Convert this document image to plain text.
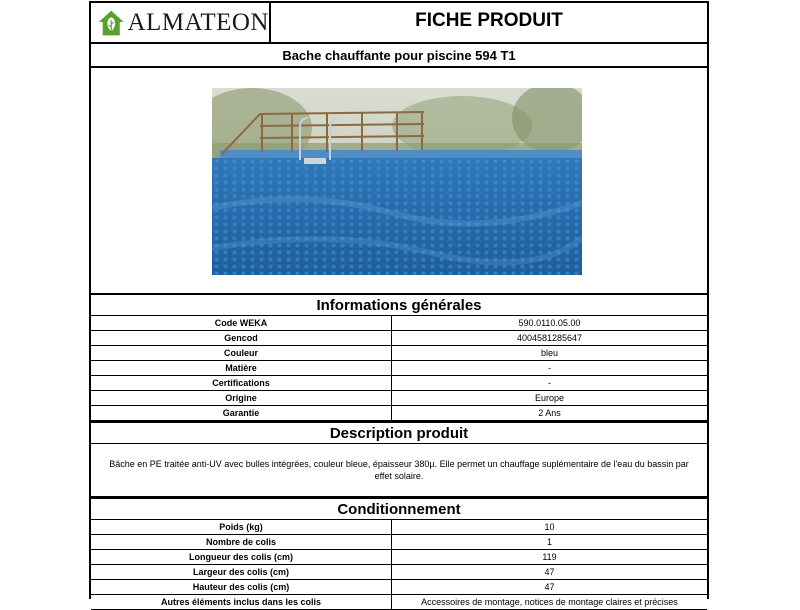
ALMATEON	FICHE PRODUIT
Bache chauffante pour piscine 594 T1
Informations générales
Code WEKA	590.0110.05.00
Gencod	4004581285647
Couleur	bleu
Matière	-
Certifications	-
Origine	Europe
Garantie	2 Ans
Description produit
Bâche en PE traitée anti-UV avec bulles intégrées, couleur bleue, épaisseur 380µ. Elle permet un chauffage suplémentaire de l'eau du bassin par effet solaire.
Conditionnement
Poids (kg)	10
Nombre de colis	1
Longueur des colis (cm)	119
Largeur des colis (cm)	47
Hauteur des colis (cm)	47
Autres éléments inclus dans les colis	Accessoires de montage, notices de montage claires et précises
